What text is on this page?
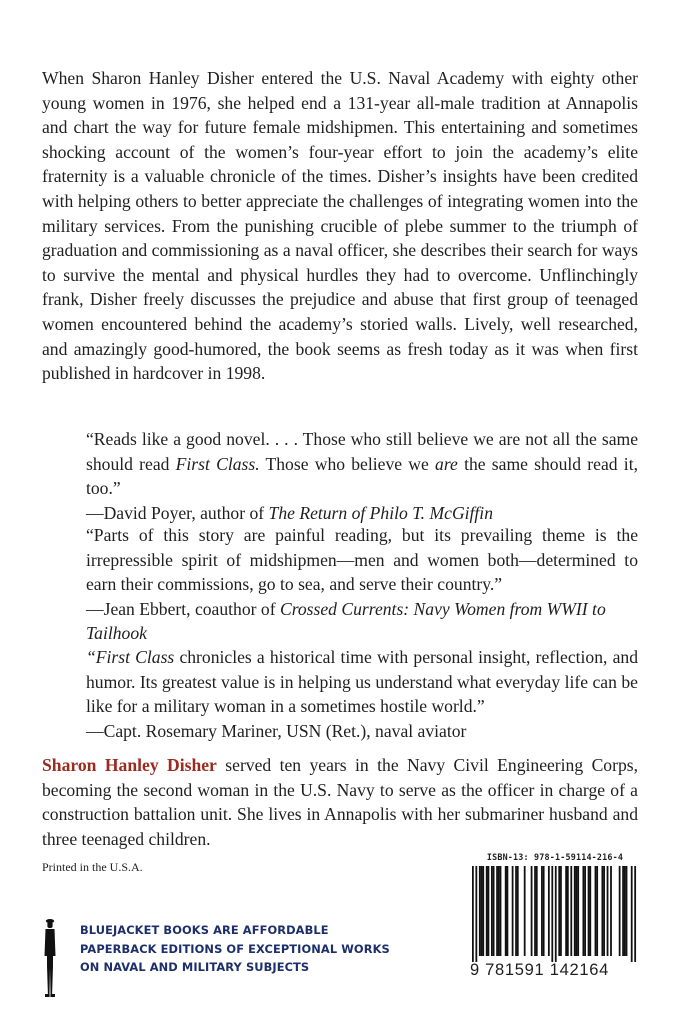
When Sharon Hanley Disher entered the U.S. Naval Academy with eighty other young women in 1976, she helped end a 131-year all-male tradition at Annapolis and chart the way for future female midshipmen. This entertaining and sometimes shocking account of the women’s four-year effort to join the academy’s elite fraternity is a valuable chronicle of the times. Disher’s insights have been credited with helping others to better appreciate the challenges of integrating women into the military services. From the punishing crucible of plebe summer to the triumph of graduation and commissioning as a naval officer, she describes their search for ways to survive the mental and physical hurdles they had to overcome. Unflinchingly frank, Disher freely discusses the prejudice and abuse that first group of teenaged women encountered behind the academy’s storied walls. Lively, well researched, and amazingly good-humored, the book seems as fresh today as it was when first published in hardcover in 1998.

“Reads like a good novel. . . . Those who still believe we are not all the same should read First Class. Those who believe we are the same should read it, too.”

—David Poyer, author of The Return of Philo T. McGiffin

“Parts of this story are painful reading, but its prevailing theme is the irrepressible spirit of midshipmen—men and women both—determined to earn their commissions, go to sea, and serve their country.”

—Jean Ebbert, coauthor of Crossed Currents: Navy Women from WWII to Tailhook

“First Class chronicles a historical time with personal insight, reflection, and humor. Its greatest value is in helping us understand what everyday life can be like for a military woman in a sometimes hostile world.”

—Capt. Rosemary Mariner, USN (Ret.), naval aviator

Sharon Hanley Disher served ten years in the Navy Civil Engineering Corps, becoming the second woman in the U.S. Navy to serve as the officer in charge of a construction battalion unit. She lives in Annapolis with her submariner husband and three teenaged children.

Printed in the U.S.A.

BLUEJACKET BOOKS ARE AFFORDABLE
PAPERBACK EDITIONS OF EXCEPTIONAL WORKS
ON NAVAL AND MILITARY SUBJECTS

ISBN-13: 978-1-59114-216-4

9 781591 142164
